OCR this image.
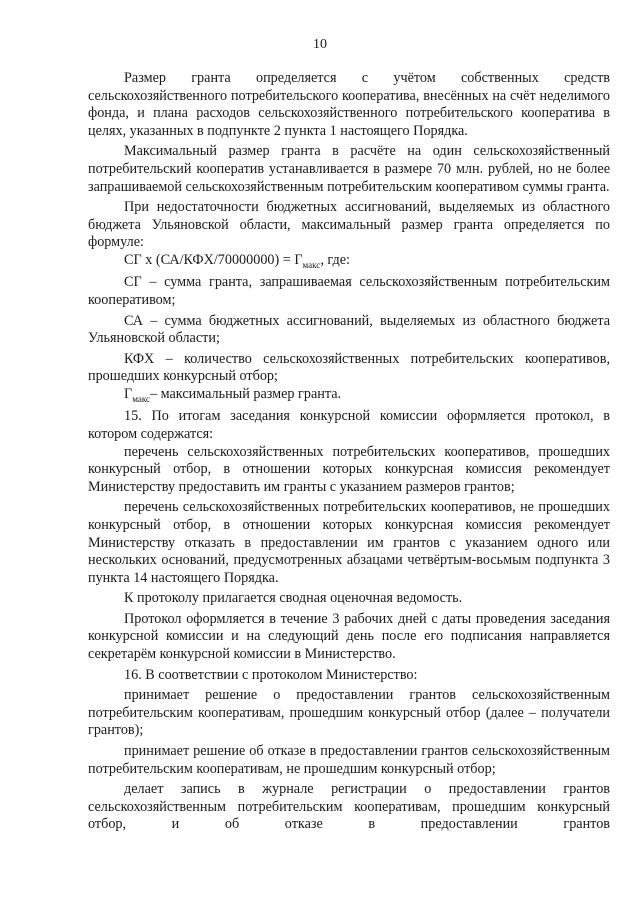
10

Размер гранта определяется с учётом собственных средств сельскохозяйственного потребительского кооператива, внесённых на счёт неделимого фонда, и плана расходов сельскохозяйственного потребительского кооператива в целях, указанных в подпункте 2 пункта 1 настоящего Порядка.

Максимальный размер гранта в расчёте на один сельскохозяйственный потребительский кооператив устанавливается в размере 70 млн. рублей, но не более запрашиваемой сельскохозяйственным потребительским кооперативом суммы гранта.

При недостаточности бюджетных ассигнований, выделяемых из областного бюджета Ульяновской области, максимальный размер гранта определяется по формуле:

СГ х $(СА/КФХ/70000000) = Г_{макс}$, где:

СГ – сумма гранта, запрашиваемая сельскохозяйственным потребительским кооперативом;

СА – сумма бюджетных ассигнований, выделяемых из областного бюджета Ульяновской области;

КФХ – количество сельскохозяйственных потребительских кооперативов, прошедших конкурсный отбор;

$Г_{макс}-$ максимальный размер гранта.

15. По итогам заседания конкурсной комиссии оформляется протокол, в котором содержатся:

перечень сельскохозяйственных потребительских кооперативов, прошедших конкурсный отбор, в отношении которых конкурсная комиссия рекомендует Министерству предоставить им гранты с указанием размеров грантов;

перечень сельскохозяйственных потребительских кооперативов, не прошедших конкурсный отбор, в отношении которых конкурсная комиссия рекомендует Министерству отказать в предоставлении им грантов с указанием одного или нескольких оснований, предусмотренных абзацами четвёртым-восьмым подпункта 3 пункта 14 настоящего Порядка.

К протоколу прилагается сводная оценочная ведомость.

Протокол оформляется в течение 3 рабочих дней с даты проведения заседания конкурсной комиссии и на следующий день после его подписания направляется секретарём конкурсной комиссии в Министерство.

16. В соответствии с протоколом Министерство:

принимает решение о предоставлении грантов сельскохозяйственным потребительским кооперативам, прошедшим конкурсный отбор (далее – получатели грантов);

принимает решение об отказе в предоставлении грантов сельскохозяйственным потребительским кооперативам, не прошедшим конкурсный отбор;

делает запись в журнале регистрации о предоставлении грантов сельскохозяйственным потребительским кооперативам, прошедшим конкурсный отбор, и об отказе в предоставлении грантов
